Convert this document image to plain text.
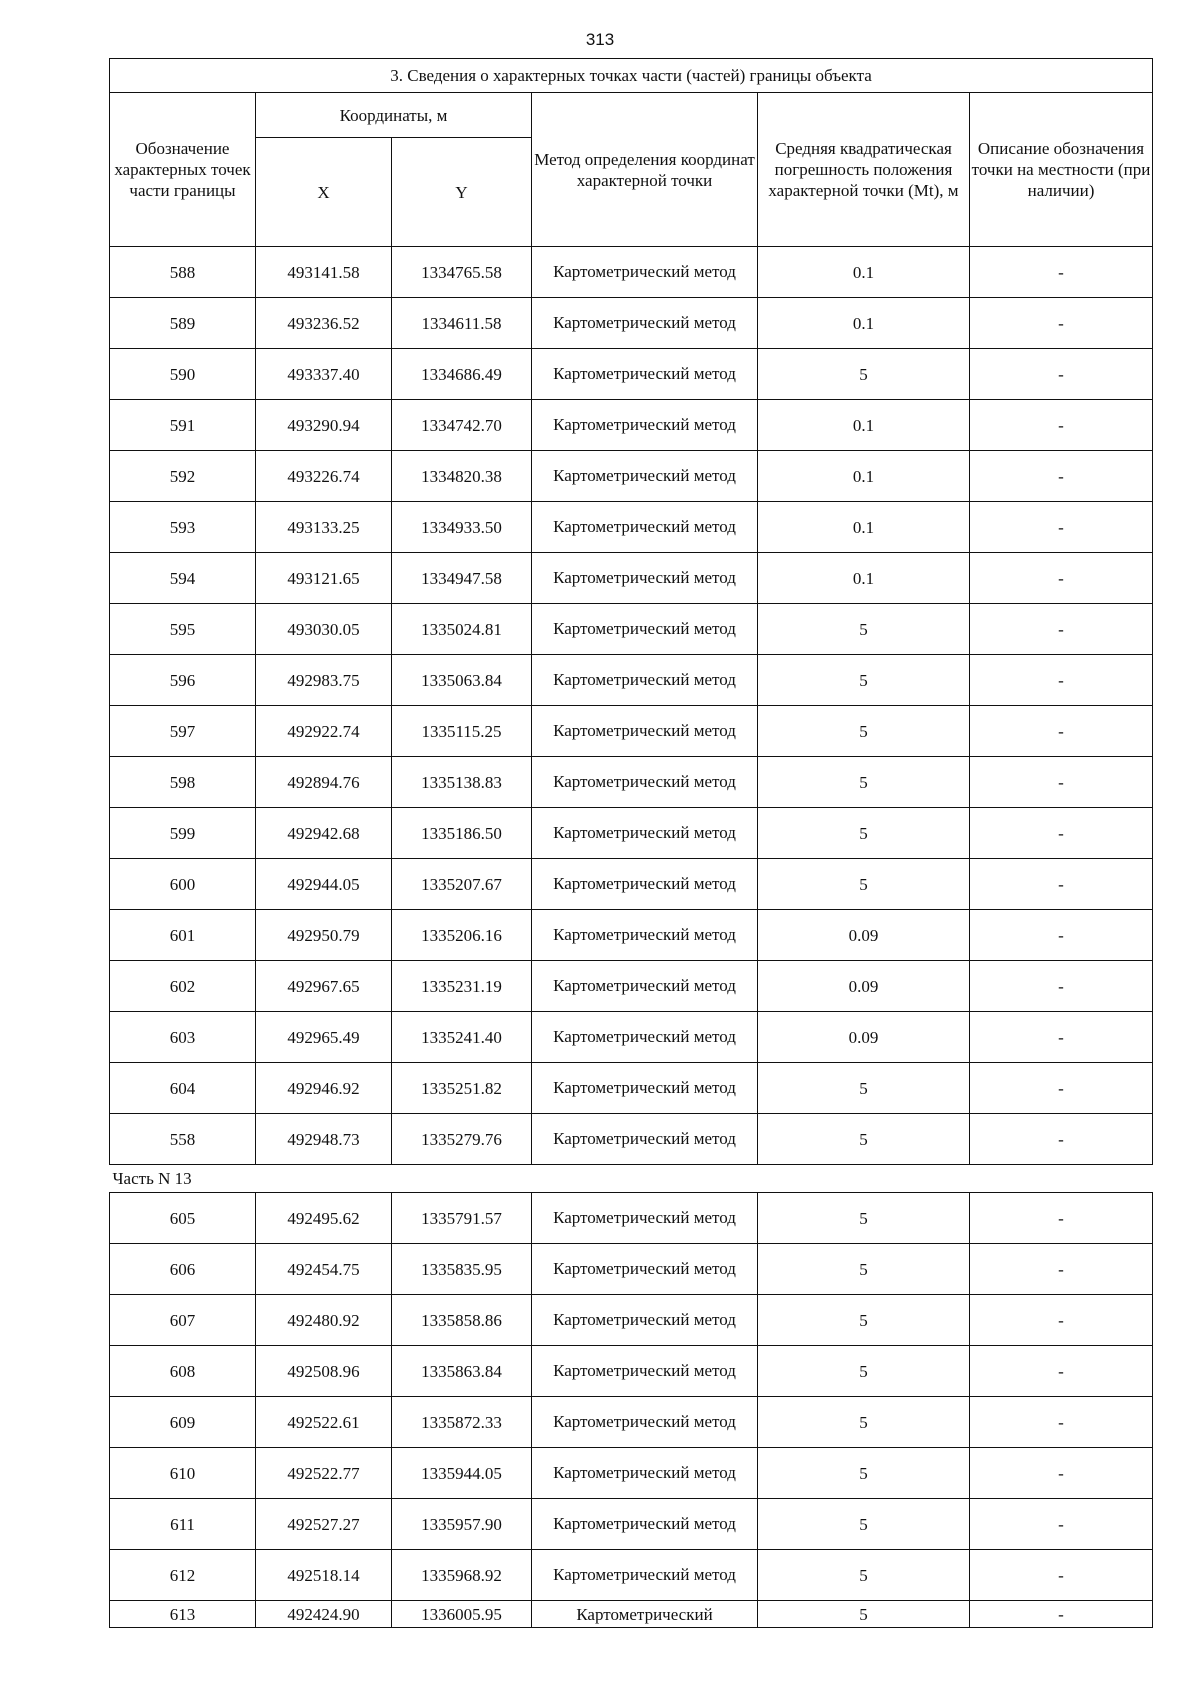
313
3. Сведения о характерных точках части (частей) границы объекта					
Обозначение характерных точек части границы	Координаты, м		Метод определения координат характерной точки	Средняя квадратическая погрешность положения характерной точки (Mt), м	Описание обозначения точки на местности (при наличии)
	X	Y			
588	493141.58	1334765.58	Картометрический метод	0.1	-
589	493236.52	1334611.58	Картометрический метод	0.1	-
590	493337.40	1334686.49	Картометрический метод	5	-
591	493290.94	1334742.70	Картометрический метод	0.1	-
592	493226.74	1334820.38	Картометрический метод	0.1	-
593	493133.25	1334933.50	Картометрический метод	0.1	-
594	493121.65	1334947.58	Картометрический метод	0.1	-
595	493030.05	1335024.81	Картометрический метод	5	-
596	492983.75	1335063.84	Картометрический метод	5	-
597	492922.74	1335115.25	Картометрический метод	5	-
598	492894.76	1335138.83	Картометрический метод	5	-
599	492942.68	1335186.50	Картометрический метод	5	-
600	492944.05	1335207.67	Картометрический метод	5	-
601	492950.79	1335206.16	Картометрический метод	0.09	-
602	492967.65	1335231.19	Картометрический метод	0.09	-
603	492965.49	1335241.40	Картометрический метод	0.09	-
604	492946.92	1335251.82	Картометрический метод	5	-
558	492948.73	1335279.76	Картометрический метод	5	-
Часть N 13					
605	492495.62	1335791.57	Картометрический метод	5	-
606	492454.75	1335835.95	Картометрический метод	5	-
607	492480.92	1335858.86	Картометрический метод	5	-
608	492508.96	1335863.84	Картометрический метод	5	-
609	492522.61	1335872.33	Картометрический метод	5	-
610	492522.77	1335944.05	Картометрический метод	5	-
611	492527.27	1335957.90	Картометрический метод	5	-
612	492518.14	1335968.92	Картометрический метод	5	-
613	492424.90	1336005.95	Картометрический	5	-
